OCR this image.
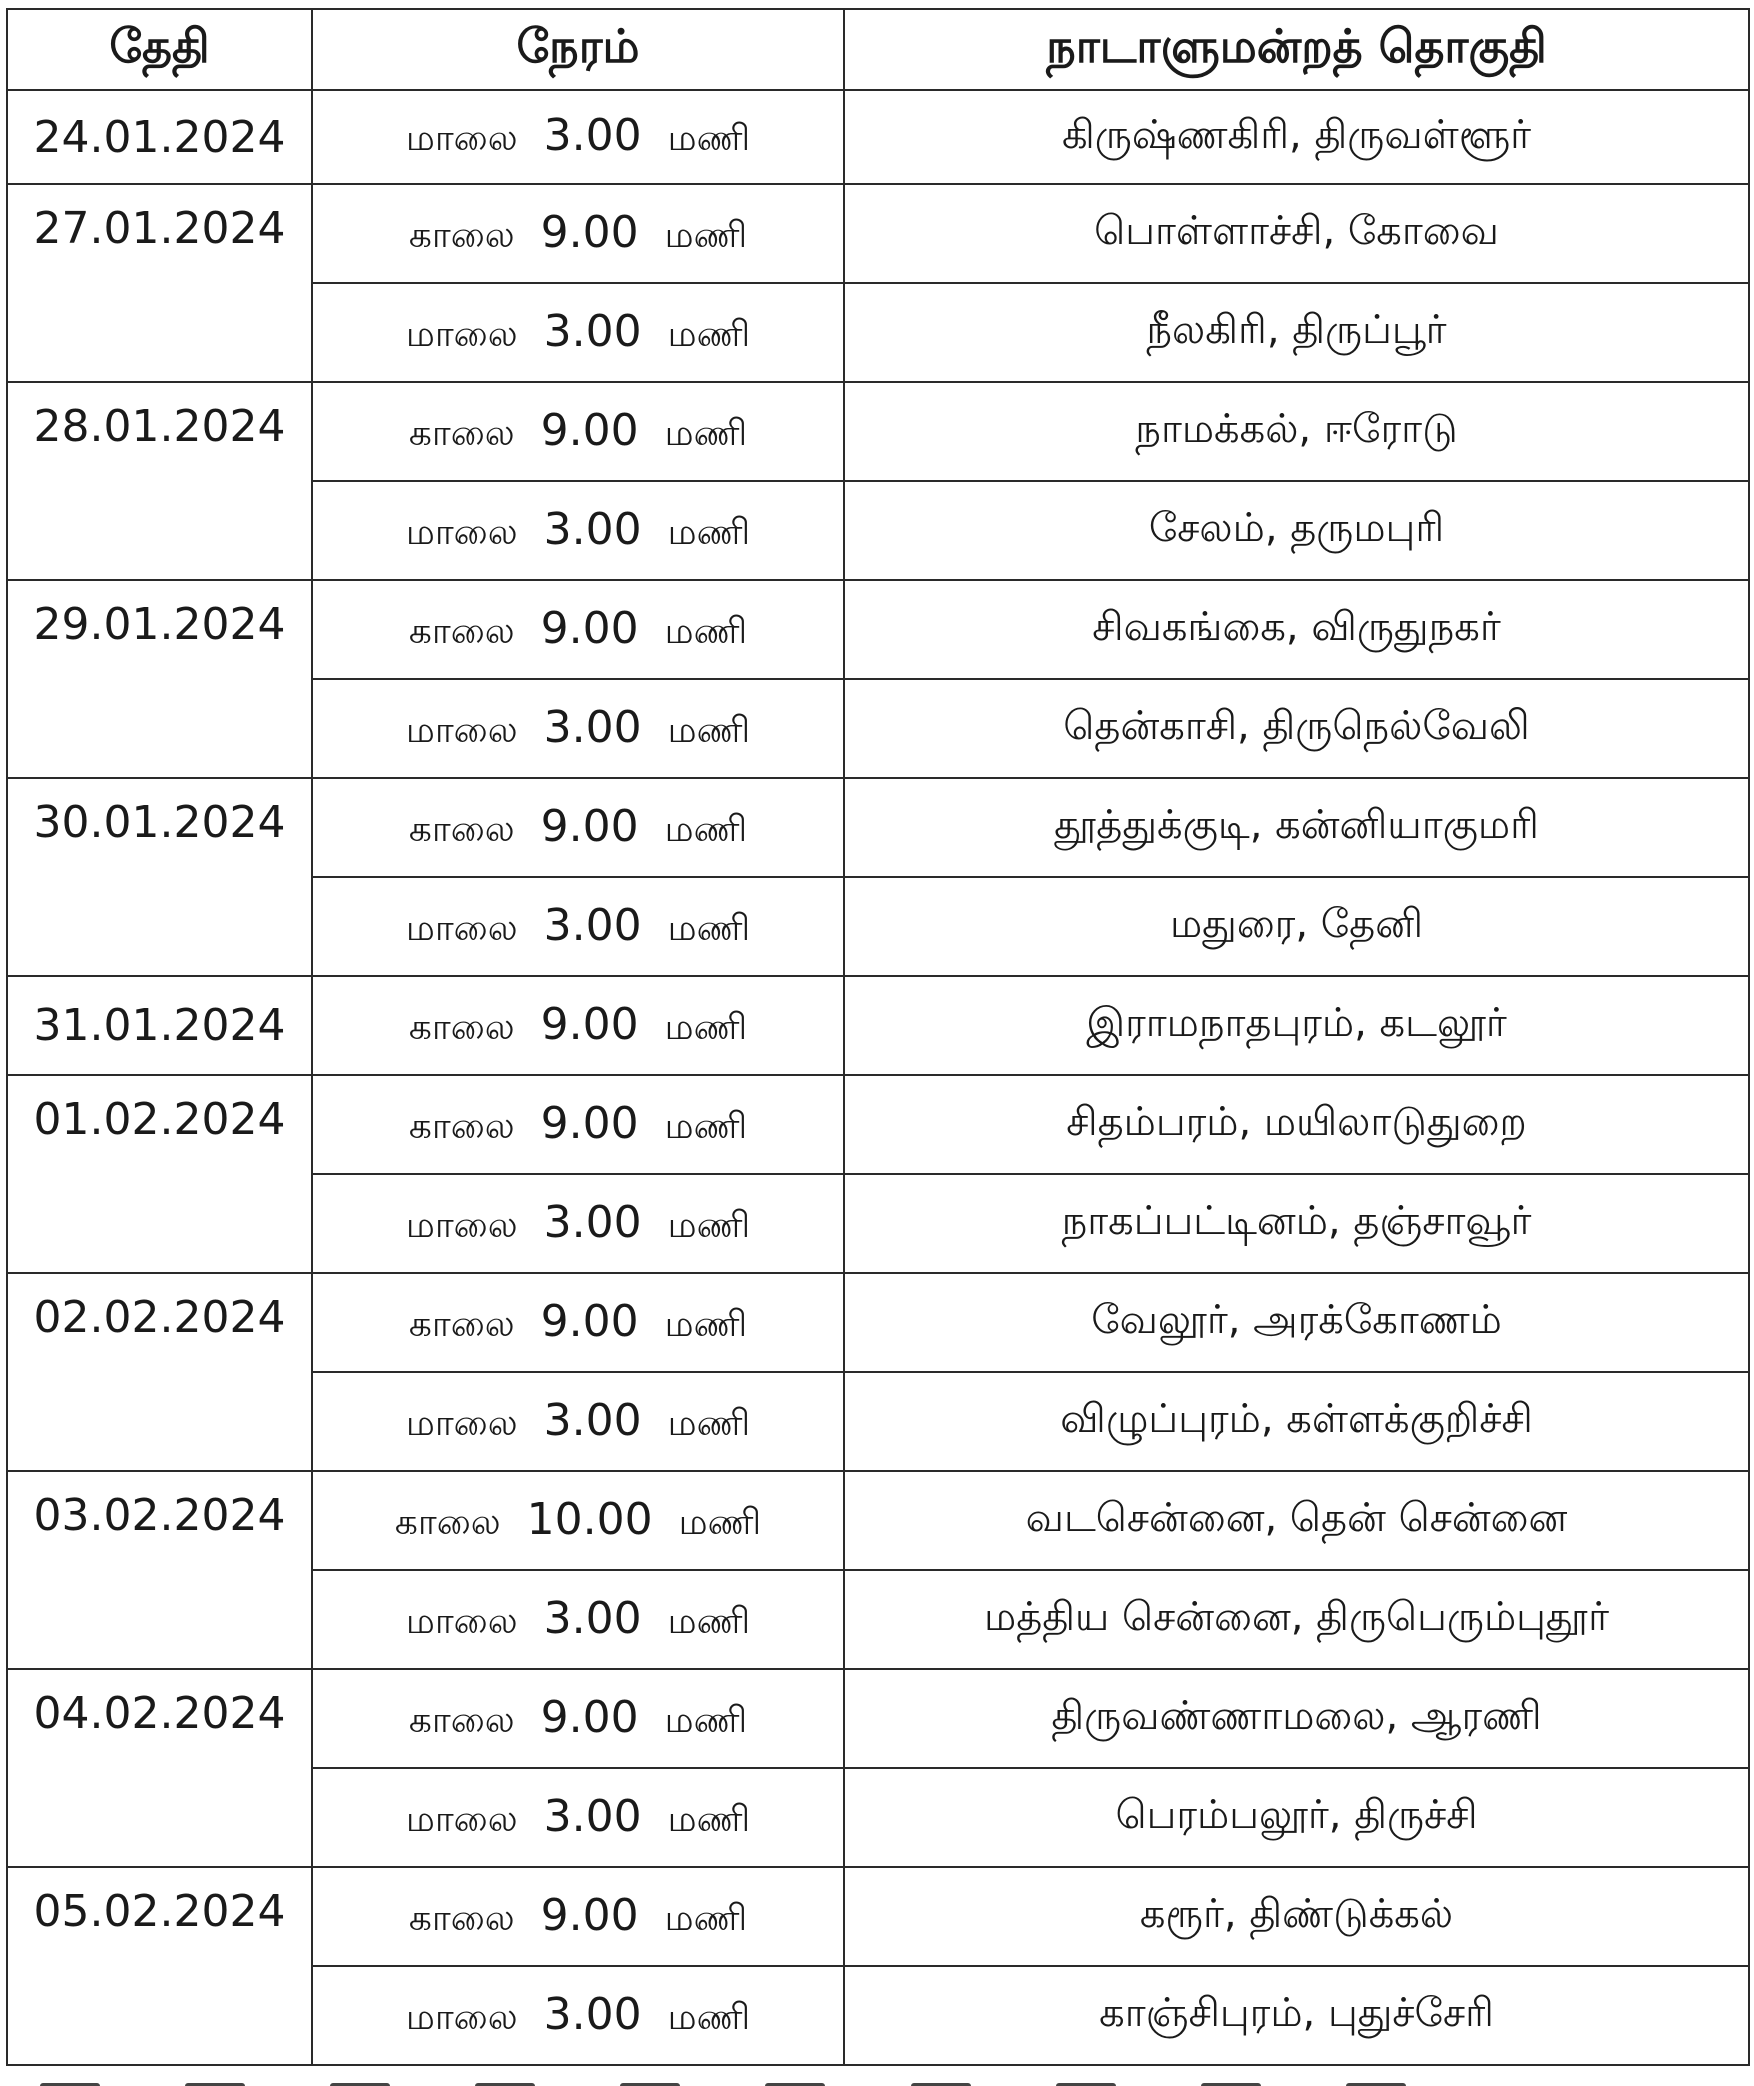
தேதி	நேரம்	நாடாளுமன்றத் தொகுதி
24.01.2024	மாலை 3.00 மணி	கிருஷ்ணகிரி, திருவள்ளூர்
27.01.2024	காலை 9.00 மணி	பொள்ளாச்சி, கோவை
	மாலை 3.00 மணி	நீலகிரி, திருப்பூர்
28.01.2024	காலை 9.00 மணி	நாமக்கல், ஈரோடு
	மாலை 3.00 மணி	சேலம், தருமபுரி
29.01.2024	காலை 9.00 மணி	சிவகங்கை, விருதுநகர்
	மாலை 3.00 மணி	தென்காசி, திருநெல்வேலி
30.01.2024	காலை 9.00 மணி	தூத்துக்குடி, கன்னியாகுமரி
	மாலை 3.00 மணி	மதுரை, தேனி
31.01.2024	காலை 9.00 மணி	இராமநாதபுரம், கடலூர்
01.02.2024	காலை 9.00 மணி	சிதம்பரம், மயிலாடுதுறை
	மாலை 3.00 மணி	நாகப்பட்டினம், தஞ்சாவூர்
02.02.2024	காலை 9.00 மணி	வேலூர், அரக்கோணம்
	மாலை 3.00 மணி	விழுப்புரம், கள்ளக்குறிச்சி
03.02.2024	காலை 10.00 மணி	வடசென்னை, தென் சென்னை
	மாலை 3.00 மணி	மத்திய சென்னை, திருபெரும்புதூர்
04.02.2024	காலை 9.00 மணி	திருவண்ணாமலை, ஆரணி
	மாலை 3.00 மணி	பெரம்பலூர், திருச்சி
05.02.2024	காலை 9.00 மணி	கரூர், திண்டுக்கல்
	மாலை 3.00 மணி	காஞ்சிபுரம், புதுச்சேரி
